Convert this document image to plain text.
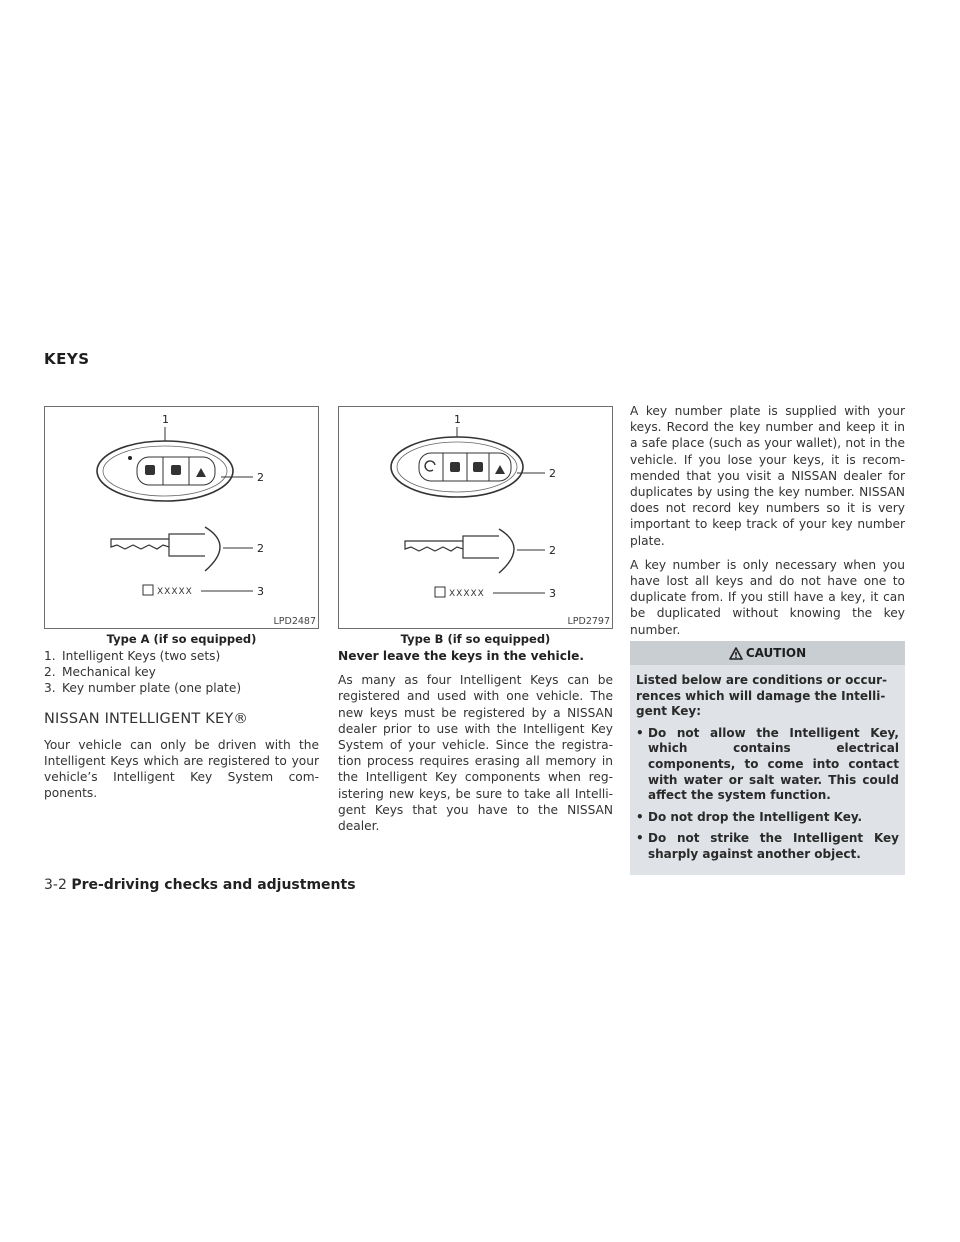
KEYS
1
2
2
XXXXX	3
LPD2487
Type A (if so equipped)
1
2
2
XXXXX	3
LPD2797
Type B (if so equipped)
1. Intelligent Keys (two sets)
2. Mechanical key
3. Key number plate (one plate)
NISSAN INTELLIGENT KEY®
Your vehicle can only be driven with the Intelligent Keys which are registered to your vehicle’s Intelligent Key System com-ponents.
Never leave the keys in the vehicle.
As many as four Intelligent Keys can be registered and used with one vehicle. The new keys must be registered by a NISSAN dealer prior to use with the Intelligent Key System of your vehicle. Since the registra-tion process requires erasing all memory in the Intelligent Key components when reg-istering new keys, be sure to take all Intelli-gent Keys that you have to the NISSAN dealer.
A key number plate is supplied with your keys. Record the key number and keep it in a safe place (such as your wallet), not in the vehicle. If you lose your keys, it is recom-mended that you visit a NISSAN dealer for duplicates by using the key number. NISSAN does not record key numbers so it is very important to keep track of your key number plate.
A key number is only necessary when you have lost all keys and do not have one to duplicate from. If you still have a key, it can be duplicated without knowing the key number.
CAUTION
Listed below are conditions or occur-rences which will damage the Intelli-gent Key:
• Do not allow the Intelligent Key, which contains electrical components, to come into contact with water or salt water. This could affect the system function.
• Do not drop the Intelligent Key.
• Do not strike the Intelligent Key sharply against another object.
3-2 Pre-driving checks and adjustments
